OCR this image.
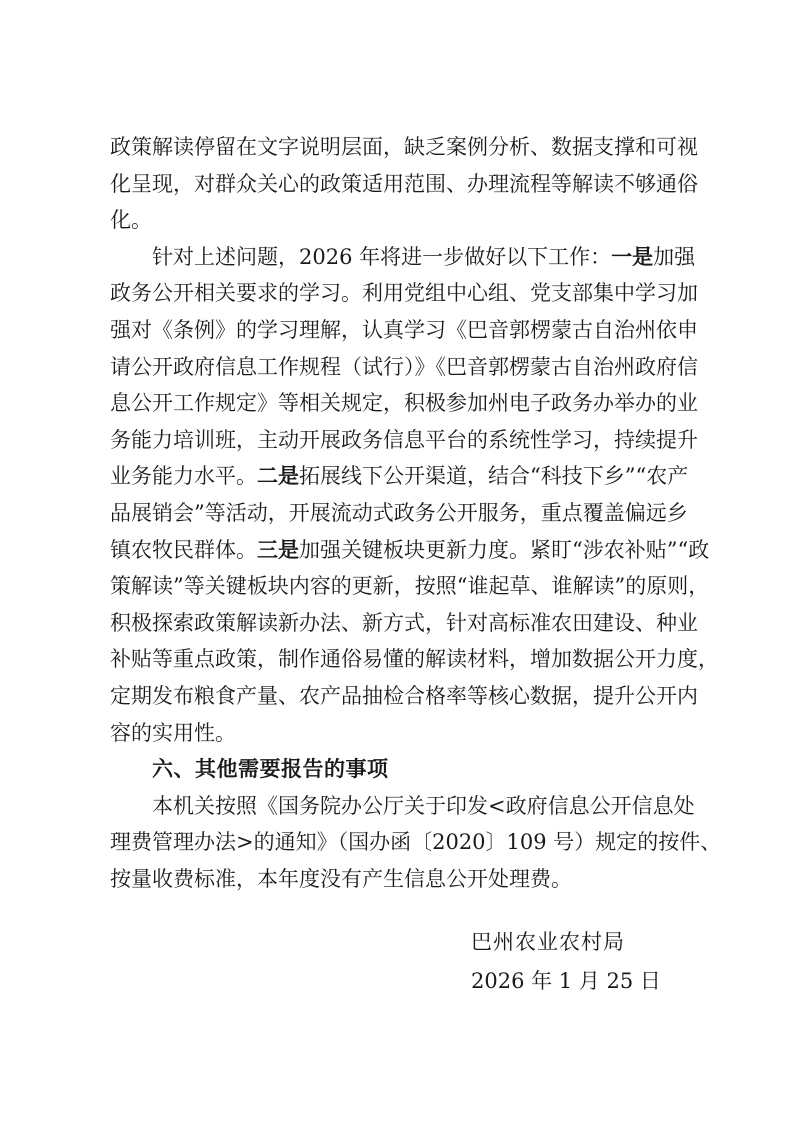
政策解读停留在文字说明层面，缺乏案例分析、数据支撑和可视
化呈现，对群众关心的政策适用范围、办理流程等解读不够通俗
化。
针对上述问题，2026 年将进一步做好以下工作：一是加强
政务公开相关要求的学习。利用党组中心组、党支部集中学习加
强对《条例》的学习理解，认真学习《巴音郭楞蒙古自治州依申
请公开政府信息工作规程（试行）》《巴音郭楞蒙古自治州政府信
息公开工作规定》等相关规定，积极参加州电子政务办举办的业
务能力培训班，主动开展政务信息平台的系统性学习，持续提升
业务能力水平。二是拓展线下公开渠道，结合“科技下乡”“农产
品展销会”等活动，开展流动式政务公开服务，重点覆盖偏远乡
镇农牧民群体。三是加强关键板块更新力度。紧盯“涉农补贴”“政
策解读”等关键板块内容的更新，按照“谁起草、谁解读”的原则，
积极探索政策解读新办法、新方式，针对高标准农田建设、种业
补贴等重点政策，制作通俗易懂的解读材料，增加数据公开力度，
定期发布粮食产量、农产品抽检合格率等核心数据，提升公开内
容的实用性。
六、其他需要报告的事项
本机关按照《国务院办公厅关于印发<政府信息公开信息处
理费管理办法>的通知》（国办函〔2020〕109 号）规定的按件、
按量收费标准，本年度没有产生信息公开处理费。
巴州农业农村局
2026 年 1 月 25 日
